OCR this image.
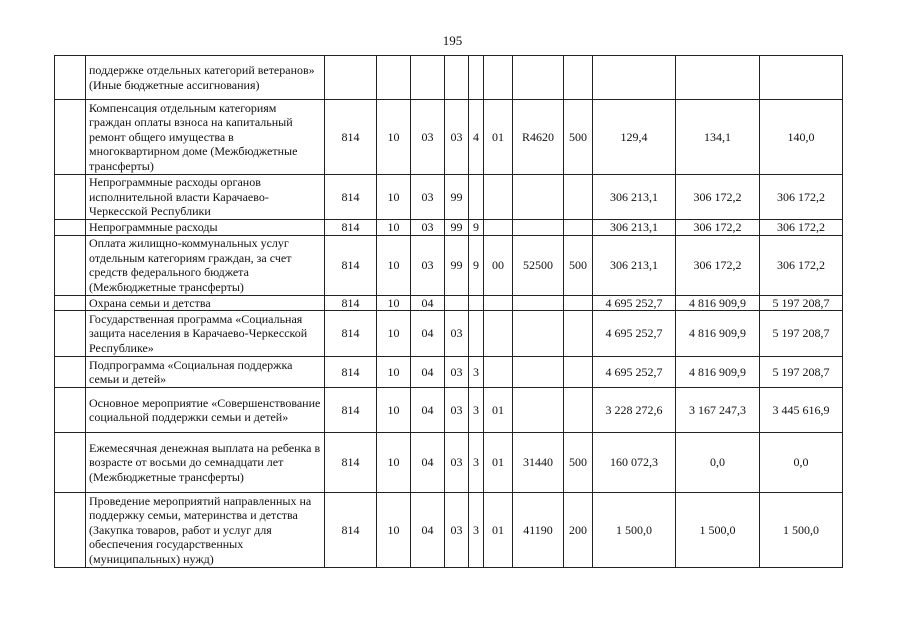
195
	поддержке отдельных категорий ветеранов» (Иные бюджетные ассигнования)											
	Компенсация отдельным категориям граждан оплаты взноса на капитальный ремонт общего имущества в многоквартирном доме (Межбюджетные трансферты)	814	10	03	03	4	01	R4620	500	129,4	134,1	140,0
	Непрограммные расходы органов исполнительной власти Карачаево-Черкесской Республики	814	10	03	99					306 213,1	306 172,2	306 172,2
	Непрограммные расходы	814	10	03	99	9				306 213,1	306 172,2	306 172,2
	Оплата жилищно-коммунальных услуг отдельным категориям граждан, за счет средств федерального бюджета (Межбюджетные трансферты)	814	10	03	99	9	00	52500	500	306 213,1	306 172,2	306 172,2
	Охрана семьи и детства	814	10	04						4 695 252,7	4 816 909,9	5 197 208,7
	Государственная программа «Социальная защита населения в Карачаево-Черкесской Республике»	814	10	04	03					4 695 252,7	4 816 909,9	5 197 208,7
	Подпрограмма «Социальная поддержка семьи и детей»	814	10	04	03	3				4 695 252,7	4 816 909,9	5 197 208,7
	Основное мероприятие «Совершенствование социальной поддержки семьи и детей»	814	10	04	03	3	01			3 228 272,6	3 167 247,3	3 445 616,9
	Ежемесячная денежная выплата на ребенка в возрасте от восьми до семнадцати лет (Межбюджетные трансферты)	814	10	04	03	3	01	31440	500	160 072,3	0,0	0,0
	Проведение мероприятий направленных на поддержку семьи, материнства и детства (Закупка товаров, работ и услуг для обеспечения государственных (муниципальных) нужд)	814	10	04	03	3	01	41190	200	1 500,0	1 500,0	1 500,0
